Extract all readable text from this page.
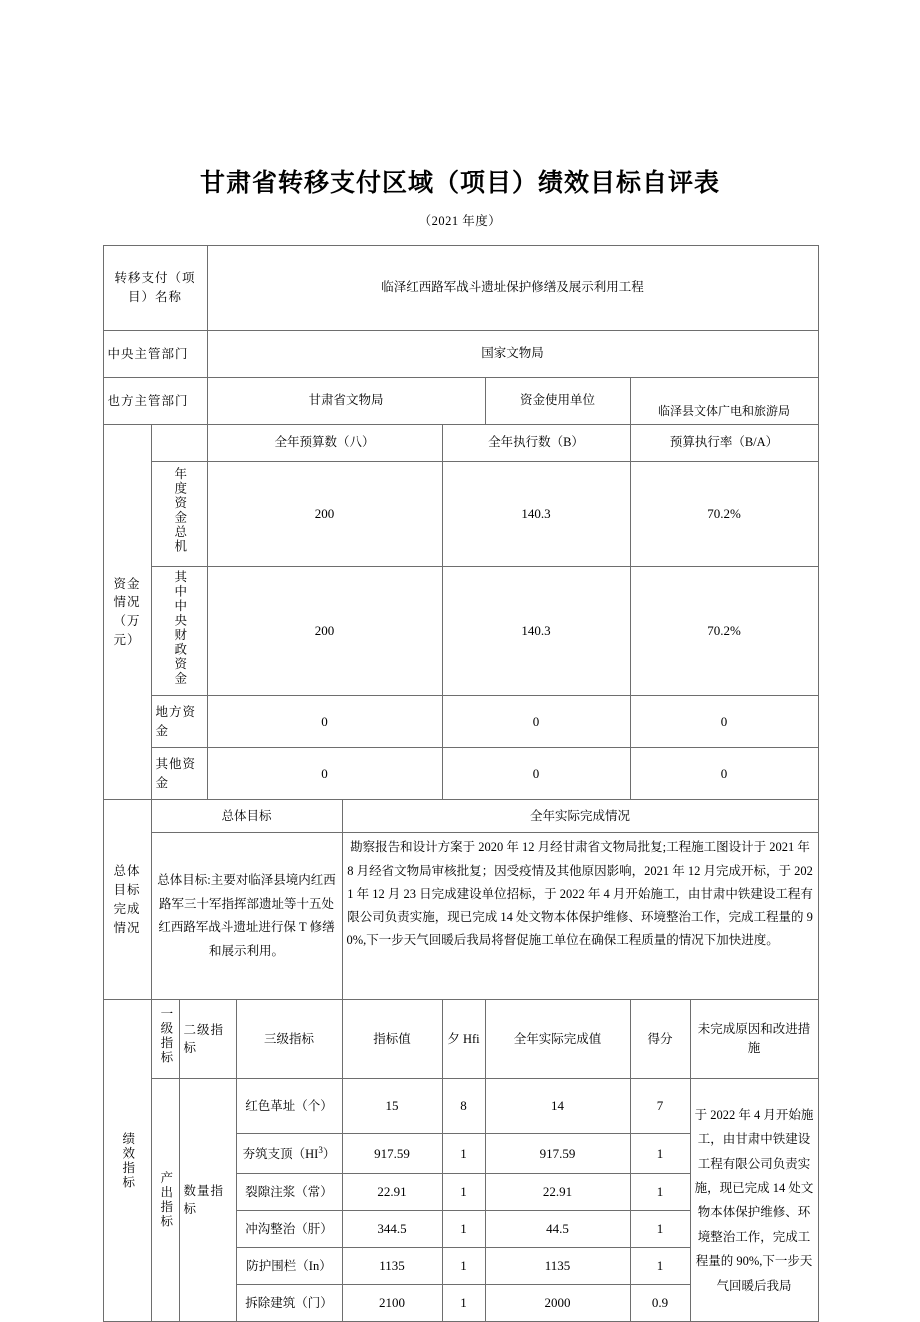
甘肃省转移支付区域（项目）绩效目标自评表
（2021 年度）
转移支付（项目）名称			临泽红西路军战斗遗址保护修缮及展示利用工程						

中央主管部门			国家文物局						

也方主管部门			甘肃省文物局				资金使用单位	临泽县文体广电和旅游局	

资金情况（万元）			全年预算数（八）			全年执行数（B）		预算执行率（B/A）	
	年度资金总机		200			140.3		70.2%	
	其中中央财政资金		200			140.3		70.2%	

	地方资金		0			0		0	

	其他资金		0			0		0	

总体目标完成情况	总体目标				全年实际完成情况				
	总体目标:主要对临泽县境内红西路军三十军指挥部遗址等十五处红西路军战斗遗址进行保 T 修缮和展示利用。				勘察报告和设计方案于 2020 年 12 月经甘肃省文物局批复;工程施工图设计于 2021 年 8 月经省文物局审核批复；因受疫情及其他原因影响，2021 年 12 月完成开标，于 2021 年 12 月 23 日完成建设单位招标，于 2022 年 4 月开始施工，由甘肃中铁建设工程有限公司负责实施，现已完成 14 处文物本体保护维修、环境整治工作，完成工程量的 90%,下一步天气回暖后我局将督促施工单位在确保工程质量的情况下加快进度。				

绩效指标	一级指标	二级指标		三级指标	指标值	夕 Hfi	全年实际完成值	得分	未完成原因和改进措施

	产出指标	数量指标		红色革址（个）	15	8	14	7	于 2022 年 4 月开始施工，由甘肃中铁建设工程有限公司负责实施，现已完成 14 处文物本体保护维修、环境整治工作，完成工程量的 90%,下一步天气回暖后我局
				夯筑支顶$(HI^3)$	917.59	1	917.59	1	
				裂隙注浆（常）	22.91	1	22.91	1	
				冲沟整治（肝）	344.5	1	44.5	1	
				防护围栏（In）	1135	1	1135	1	
				拆除建筑（门）	2100	1	2000	0.9	
